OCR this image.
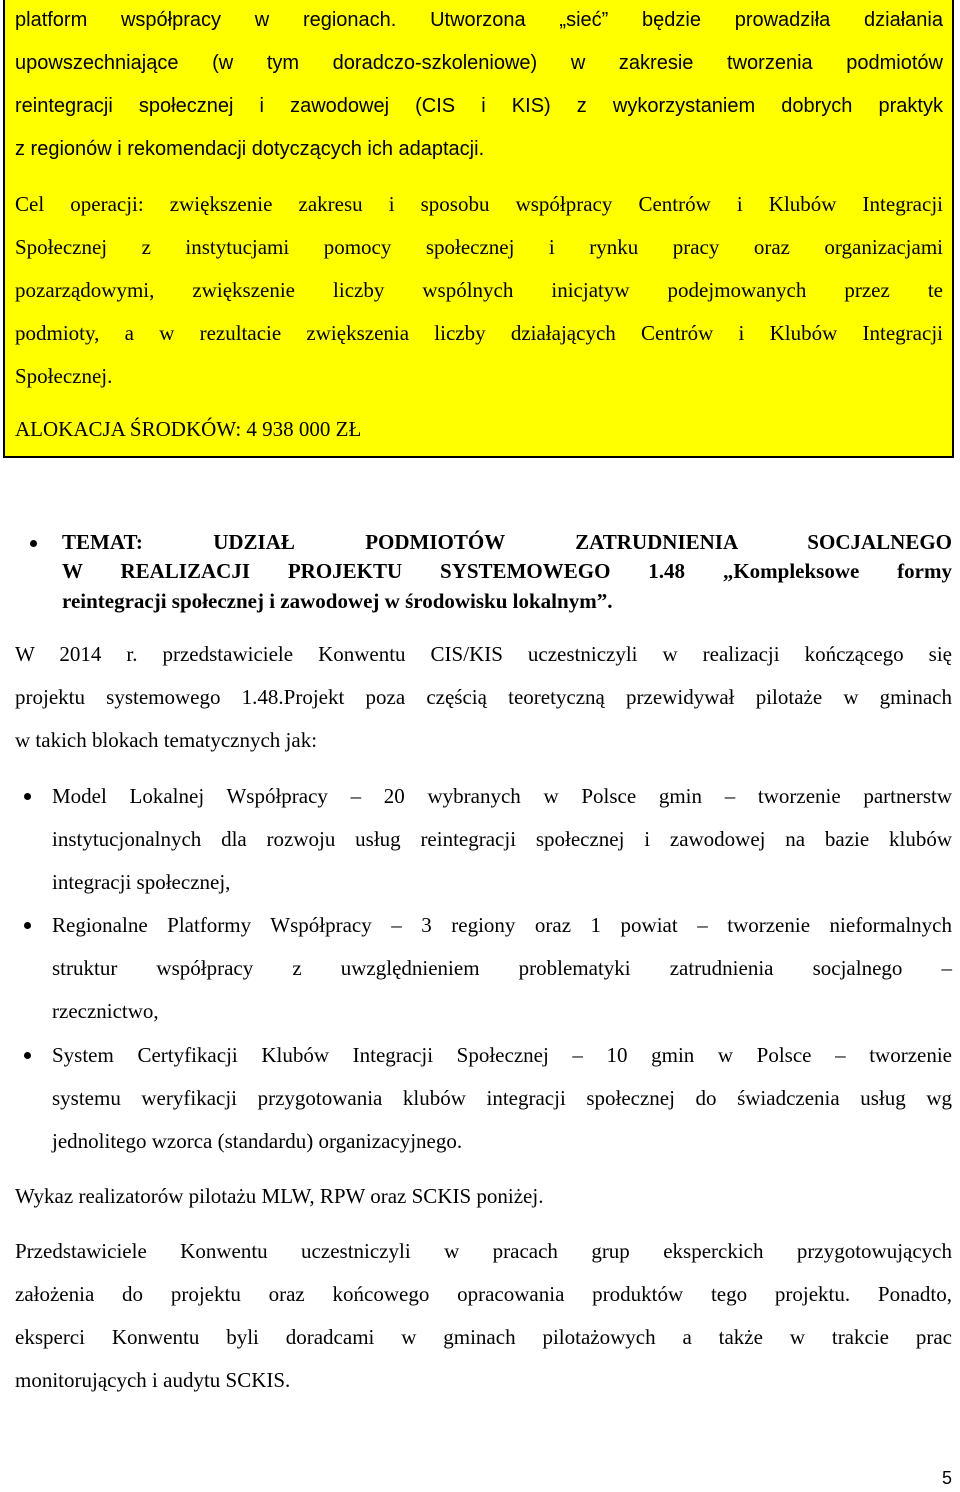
platform współpracy w regionach. Utworzona „sieć” będzie prowadziła działania
upowszechniające (w tym doradczo-szkoleniowe) w zakresie tworzenia podmiotów
reintegracji społecznej i zawodowej (CIS i KIS) z wykorzystaniem dobrych praktyk
z regionów i rekomendacji dotyczących ich adaptacji.
Cel operacji: zwiększenie zakresu i sposobu współpracy Centrów i Klubów Integracji
Społecznej z instytucjami pomocy społecznej i rynku pracy oraz organizacjami
pozarządowymi, zwiększenie liczby wspólnych inicjatyw podejmowanych przez te
podmioty, a w rezultacie zwiększenia liczby działających Centrów i Klubów Integracji
Społecznej.
ALOKACJA ŚRODKÓW: 4 938 000 ZŁ
TEMAT: UDZIAŁ PODMIOTÓW ZATRUDNIENIA SOCJALNEGO
W REALIZACJI PROJEKTU SYSTEMOWEGO 1.48 „Kompleksowe formy
reintegracji społecznej i zawodowej w środowisku lokalnym”.
W 2014 r. przedstawiciele Konwentu CIS/KIS uczestniczyli w realizacji kończącego się
projektu systemowego 1.48.Projekt poza częścią teoretyczną przewidywał pilotaże w gminach
w takich blokach tematycznych jak:
Model Lokalnej Współpracy – 20 wybranych w Polsce gmin – tworzenie partnerstw
instytucjonalnych dla rozwoju usług reintegracji społecznej i zawodowej na bazie klubów
integracji społecznej,
Regionalne Platformy Współpracy – 3 regiony oraz 1 powiat – tworzenie nieformalnych
struktur współpracy z uwzględnieniem problematyki zatrudnienia socjalnego –
rzecznictwo,
System Certyfikacji Klubów Integracji Społecznej – 10 gmin w Polsce – tworzenie
systemu weryfikacji przygotowania klubów integracji społecznej do świadczenia usług wg
jednolitego wzorca (standardu) organizacyjnego.
Wykaz realizatorów pilotażu MLW, RPW oraz SCKIS poniżej.
Przedstawiciele Konwentu uczestniczyli w pracach grup eksperckich przygotowujących
założenia do projektu oraz końcowego opracowania produktów tego projektu. Ponadto,
eksperci Konwentu byli doradcami w gminach pilotażowych a także w trakcie prac
monitorujących i audytu SCKIS.
5
